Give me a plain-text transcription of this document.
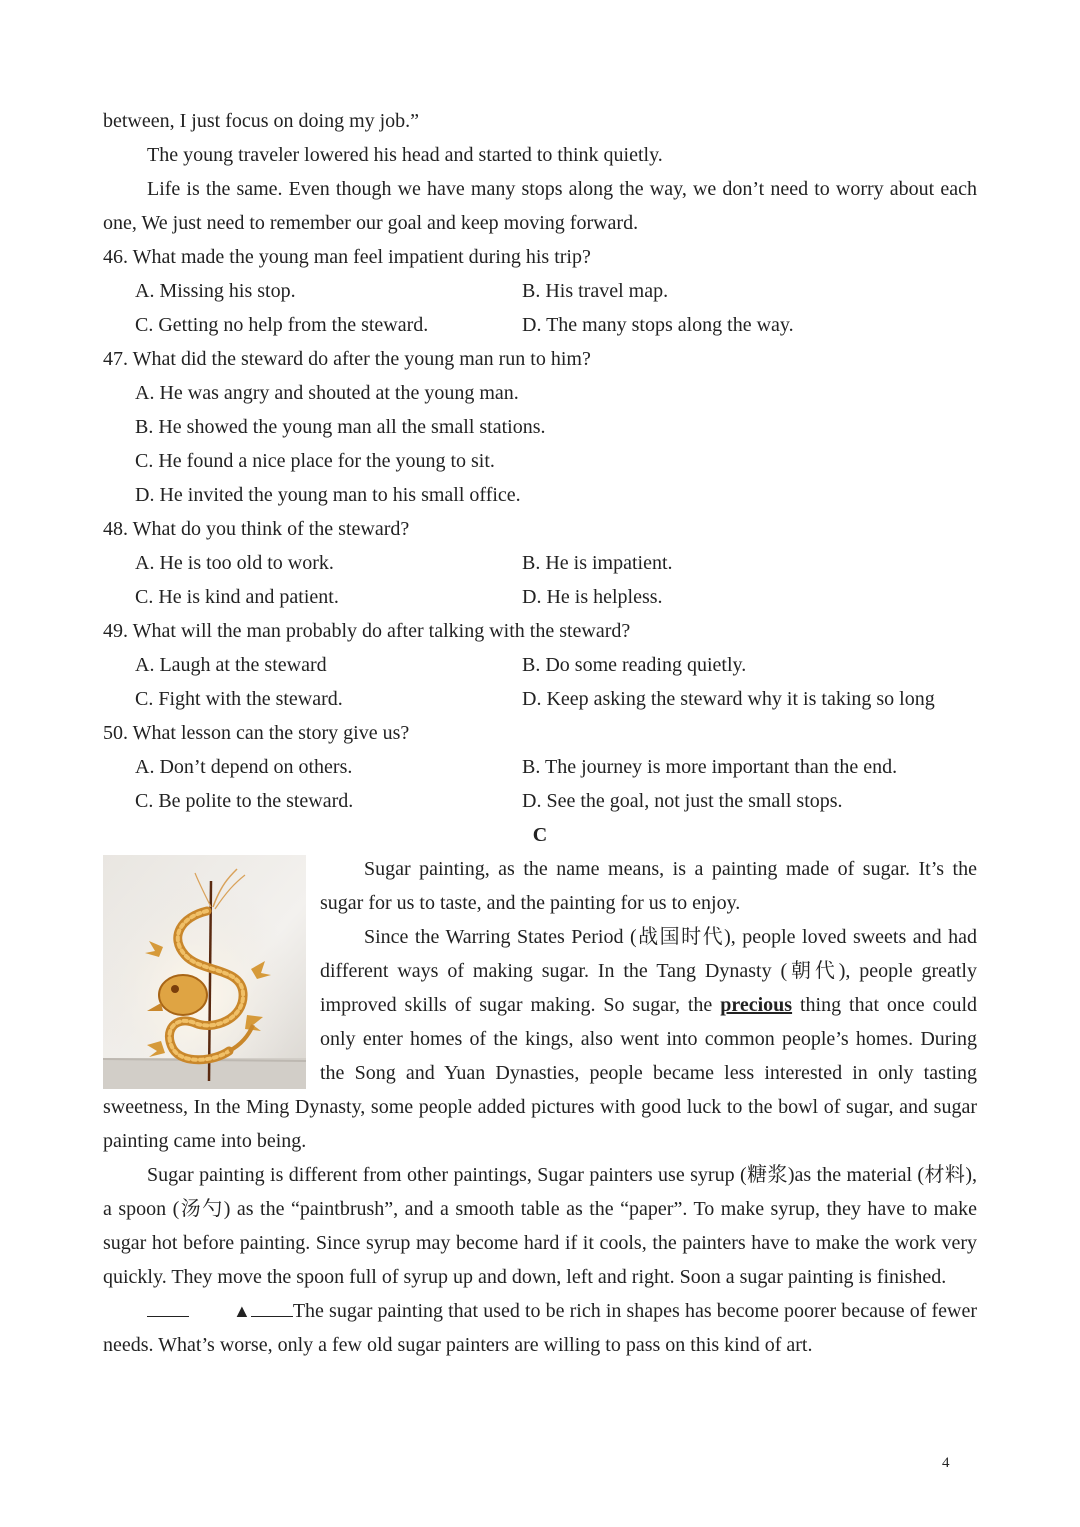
between, I just focus on doing my job.”

The young traveler lowered his head and started to think quietly.

Life is the same. Even though we have many stops along the way, we don’t need to worry about each one, We just need to remember our goal and keep moving forward.

46. What made the young man feel impatient during his trip?

A. Missing his stop.	B. His travel map.
C. Getting no help from the steward.	D. The many stops along the way.

47. What did the steward do after the young man run to him?

A. He was angry and shouted at the young man.
B. He showed the young man all the small stations.
C. He found a nice place for the young to sit.
D. He invited the young man to his small office.

48. What do you think of the steward?

A. He is too old to work.	B. He is impatient.
C. He is kind and patient.	D. He is helpless.

49. What will the man probably do after talking with the steward?

A. Laugh at the steward	B. Do some reading quietly.
C. Fight with the steward.	D. Keep asking the steward why it is taking so long

50. What lesson can the story give us?

A. Don’t depend on others.	B. The journey is more important than the end.
C. Be polite to the steward.	D. See the goal, not just the small stops.

C

Sugar painting, as the name means, is a painting made of sugar. It’s the sugar for us to taste, and the painting for us to enjoy.

Since the Warring States Period (战国时代), people loved sweets and had different ways of making sugar. In the Tang Dynasty (朝代), people greatly improved skills of sugar making. So sugar, the precious thing that once could only enter homes of the kings, also went into common people’s homes. During the Song and Yuan Dynasties, people became less interested in only tasting sweetness, In the Ming Dynasty, some people added pictures with good luck to the bowl of sugar, and sugar painting came into being.

Sugar painting is different from other paintings, Sugar painters use syrup (糖浆)as the material (材料), a spoon (汤勺) as the “paintbrush”, and a smooth table as the “paper”. To make syrup, they have to make sugar hot before painting. Since syrup may become hard if it cools, the painters have to make the work very quickly. They move the spoon full of syrup up and down, left and right. Soon a sugar painting is finished.

▲ The sugar painting that used to be rich in shapes has become poorer because of fewer needs. What’s worse, only a few old sugar painters are willing to pass on this kind of art.

4
